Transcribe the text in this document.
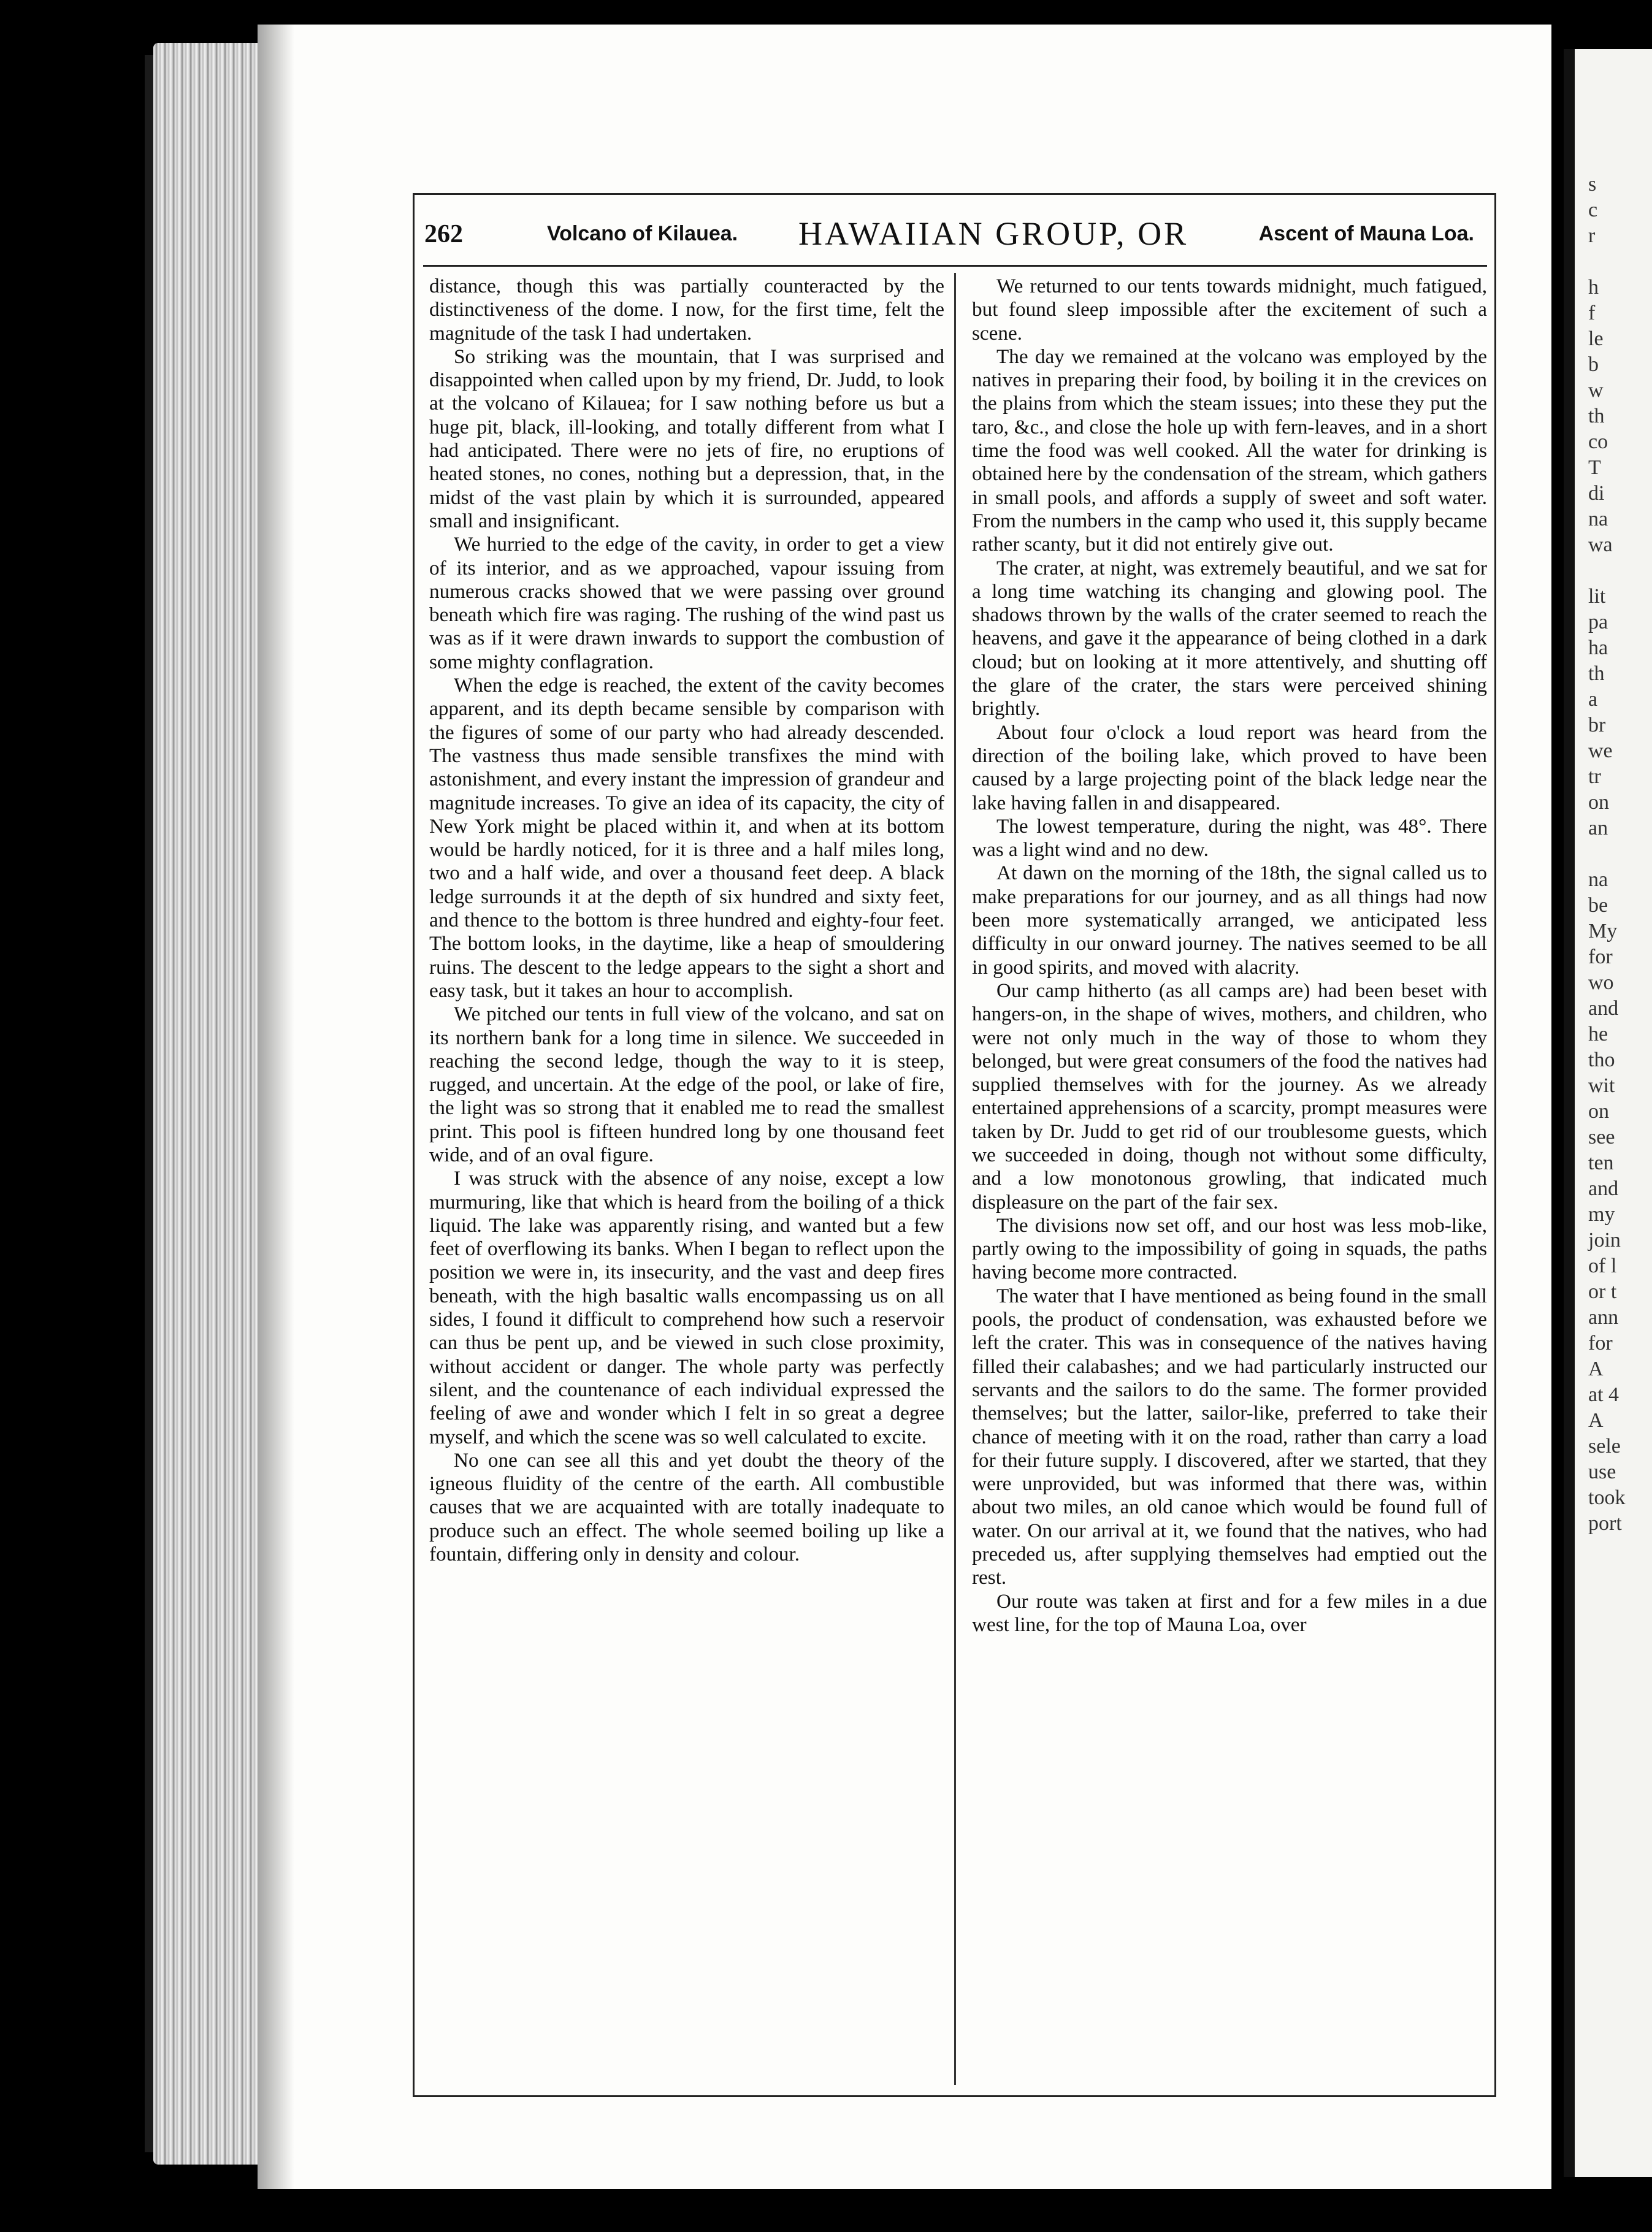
s
c
r
h
f
le
b
w
th
co
T
di
na
wa
lit
pa
ha
th
a
br
we
tr
on
an
na
be
My
for
wo
and
he
tho
wit
on
see
ten
and
my
join
of l
or t
ann
for
A
at 4
A
sele
use
took
port
262	Volcano of Kilauea. HAWAIIAN GROUP, OR	Ascent of Mauna Loa.

distance, though this was partially counteracted by the distinctiveness of the dome. I now, for the first time, felt the magnitude of the task I had undertaken.

So striking was the mountain, that I was surprised and disappointed when called upon by my friend, Dr. Judd, to look at the volcano of Kilauea; for I saw nothing before us but a huge pit, black, ill-looking, and totally different from what I had anticipated. There were no jets of fire, no eruptions of heated stones, no cones, nothing but a depression, that, in the midst of the vast plain by which it is surrounded, appeared small and insignificant.

We hurried to the edge of the cavity, in order to get a view of its interior, and as we approached, vapour issuing from numerous cracks showed that we were passing over ground beneath which fire was raging. The rushing of the wind past us was as if it were drawn inwards to support the combustion of some mighty conflagration.

When the edge is reached, the extent of the cavity becomes apparent, and its depth became sensible by comparison with the figures of some of our party who had already descended. The vastness thus made sensible transfixes the mind with astonishment, and every instant the impression of grandeur and magnitude increases. To give an idea of its capacity, the city of New York might be placed within it, and when at its bottom would be hardly noticed, for it is three and a half miles long, two and a half wide, and over a thousand feet deep. A black ledge surrounds it at the depth of six hundred and sixty feet, and thence to the bottom is three hundred and eighty-four feet. The bottom looks, in the daytime, like a heap of smouldering ruins. The descent to the ledge appears to the sight a short and easy task, but it takes an hour to accomplish.

We pitched our tents in full view of the volcano, and sat on its northern bank for a long time in silence. We succeeded in reaching the second ledge, though the way to it is steep, rugged, and uncertain. At the edge of the pool, or lake of fire, the light was so strong that it enabled me to read the smallest print. This pool is fifteen hundred long by one thousand feet wide, and of an oval figure.

I was struck with the absence of any noise, except a low murmuring, like that which is heard from the boiling of a thick liquid. The lake was apparently rising, and wanted but a few feet of overflowing its banks. When I began to reflect upon the position we were in, its insecurity, and the vast and deep fires beneath, with the high basaltic walls encompassing us on all sides, I found it difficult to comprehend how such a reservoir can thus be pent up, and be viewed in such close proximity, without accident or danger. The whole party was perfectly silent, and the countenance of each individual expressed the feeling of awe and wonder which I felt in so great a degree myself, and which the scene was so well calculated to excite.

No one can see all this and yet doubt the theory of the igneous fluidity of the centre of the earth. All combustible causes that we are acquainted with are totally inadequate to produce such an effect. The whole seemed boiling up like a fountain, differing only in density and colour.

We returned to our tents towards midnight, much fatigued, but found sleep impossible after the excitement of such a scene.

The day we remained at the volcano was employed by the natives in preparing their food, by boiling it in the crevices on the plains from which the steam issues; into these they put the taro, &c., and close the hole up with fern-leaves, and in a short time the food was well cooked. All the water for drinking is obtained here by the condensation of the stream, which gathers in small pools, and affords a supply of sweet and soft water. From the numbers in the camp who used it, this supply became rather scanty, but it did not entirely give out.

The crater, at night, was extremely beautiful, and we sat for a long time watching its changing and glowing pool. The shadows thrown by the walls of the crater seemed to reach the heavens, and gave it the appearance of being clothed in a dark cloud; but on looking at it more attentively, and shutting off the glare of the crater, the stars were perceived shining brightly.

About four o'clock a loud report was heard from the direction of the boiling lake, which proved to have been caused by a large projecting point of the black ledge near the lake having fallen in and disappeared.

The lowest temperature, during the night, was 48°. There was a light wind and no dew.

At dawn on the morning of the 18th, the signal called us to make preparations for our journey, and as all things had now been more systematically arranged, we anticipated less difficulty in our onward journey. The natives seemed to be all in good spirits, and moved with alacrity.

Our camp hitherto (as all camps are) had been beset with hangers-on, in the shape of wives, mothers, and children, who were not only much in the way of those to whom they belonged, but were great consumers of the food the natives had supplied themselves with for the journey. As we already entertained apprehensions of a scarcity, prompt measures were taken by Dr. Judd to get rid of our troublesome guests, which we succeeded in doing, though not without some difficulty, and a low monotonous growling, that indicated much displeasure on the part of the fair sex.

The divisions now set off, and our host was less mob-like, partly owing to the impossibility of going in squads, the paths having become more contracted.

The water that I have mentioned as being found in the small pools, the product of condensation, was exhausted before we left the crater. This was in consequence of the natives having filled their calabashes; and we had particularly instructed our servants and the sailors to do the same. The former provided themselves; but the latter, sailor-like, preferred to take their chance of meeting with it on the road, rather than carry a load for their future supply. I discovered, after we started, that they were unprovided, but was informed that there was, within about two miles, an old canoe which would be found full of water. On our arrival at it, we found that the natives, who had preceded us, after supplying themselves had emptied out the rest.

Our route was taken at first and for a few miles in a due west line, for the top of Mauna Loa, over
